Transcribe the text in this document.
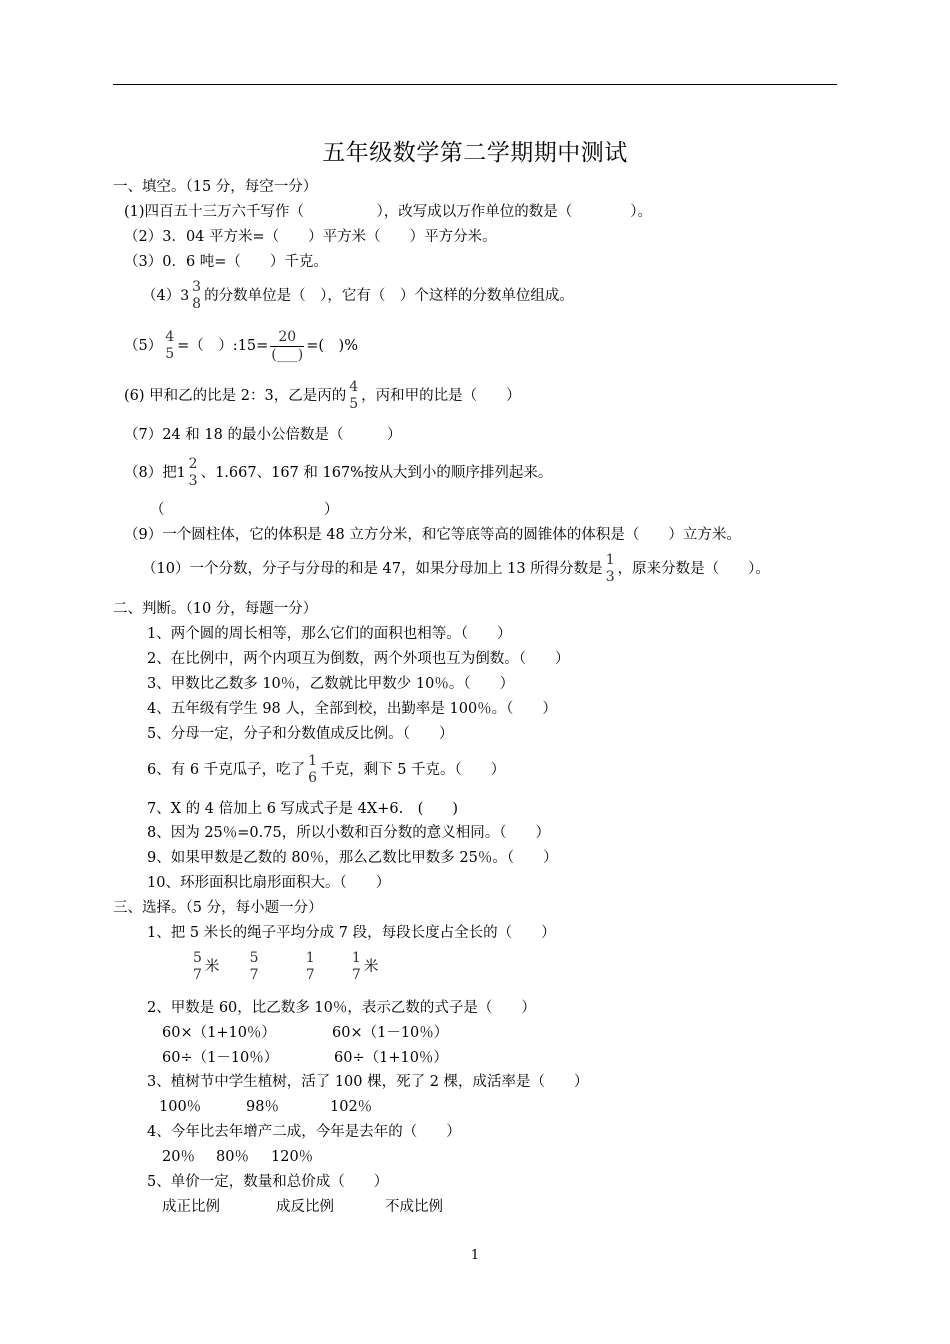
五年级数学第二学期期中测试
一、填空。（15 分，每空一分）
(1)四百五十三万六千写作（　　　　　），改写成以万作单位的数是（　　　　）。
（2）3．04 平方米=（　　）平方米（　　）平方分米。
（3）0．6 吨=（　　）千克。
（4）3
3
8 的分数单位是（　），它有（　）个这样的分数单位组成。
（5）
4
5 =（　）:15= $\frac{20}{(\_\_\_)}$ =(　)%
(6) 甲和乙的比是 2：3，乙是丙的
4
5 ，丙和甲的比是（　　）
（7）24 和 18 的最小公倍数是（　　　）
（8）把1
2
3 、1.667、167 和 167%按从大到小的顺序排列起来。
（　　　　　　　　　　　）
（9）一个圆柱体，它的体积是 48 立方分米，和它等底等高的圆锥体的体积是（　　）立方米。
（10）一个分数，分子与分母的和是 47，如果分母加上 13 所得分数是
1
3 ，原来分数是（　　）。
二、判断。（10 分，每题一分）
1、两个圆的周长相等，那么它们的面积也相等。（　　）
2、在比例中，两个内项互为倒数，两个外项也互为倒数。（　　）
3、甲数比乙数多 10％，乙数就比甲数少 10％。（　　）
4、五年级有学生 98 人，全部到校，出勤率是 100％。（　　）
5、分母一定，分子和分数值成反比例。（　　）
6、有 6 千克瓜子，吃了
1
6 千克，剩下 5 千克。（　　）
7、X 的 4 倍加上 6 写成式子是 4X+6.　(　　)
8、因为 25％=0.75，所以小数和百分数的意义相同。（　　）
9、如果甲数是乙数的 80％，那么乙数比甲数多 25％。（　　）
10、环形面积比扇形面积大。（　　）
三、选择。（5 分，每小题一分）
1、把 5 米长的绳子平均分成 7 段，每段长度占全长的（　　）
5
7 米
5
7

1
7

1
7 米
2、甲数是 60，比乙数多 10％，表示乙数的式子是（　　）
60×（1+10％）	60×（1－10％）
60÷（1－10％）	60÷（1+10％）
3、植树节中学生植树，活了 100 棵，死了 2 棵，成活率是（　　）
100％	98％	102％
4、今年比去年增产二成，今年是去年的（　　）
20％ 80％ 120％
5、单价一定，数量和总价成（　　）
成正比例	成反比例	不成比例
1
